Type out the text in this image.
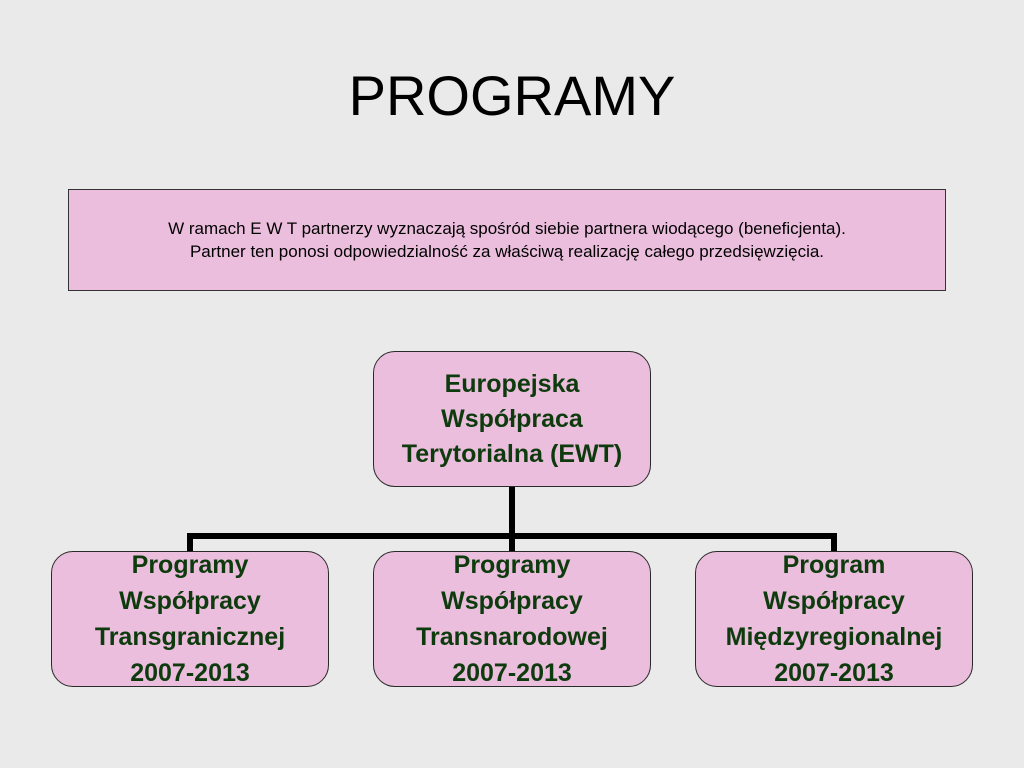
PROGRAMY
W ramach E W T partnerzy wyznaczają spośród siebie partnera wiodącego (beneficjenta).
Partner ten ponosi odpowiedzialność za właściwą realizację całego przedsięwzięcia.
Europejska
Współpraca
Terytorialna (EWT)
Programy
Współpracy
Transgranicznej
2007-2013
Programy
Współpracy
Transnarodowej
2007-2013
Program
Współpracy
Międzyregionalnej
2007-2013
